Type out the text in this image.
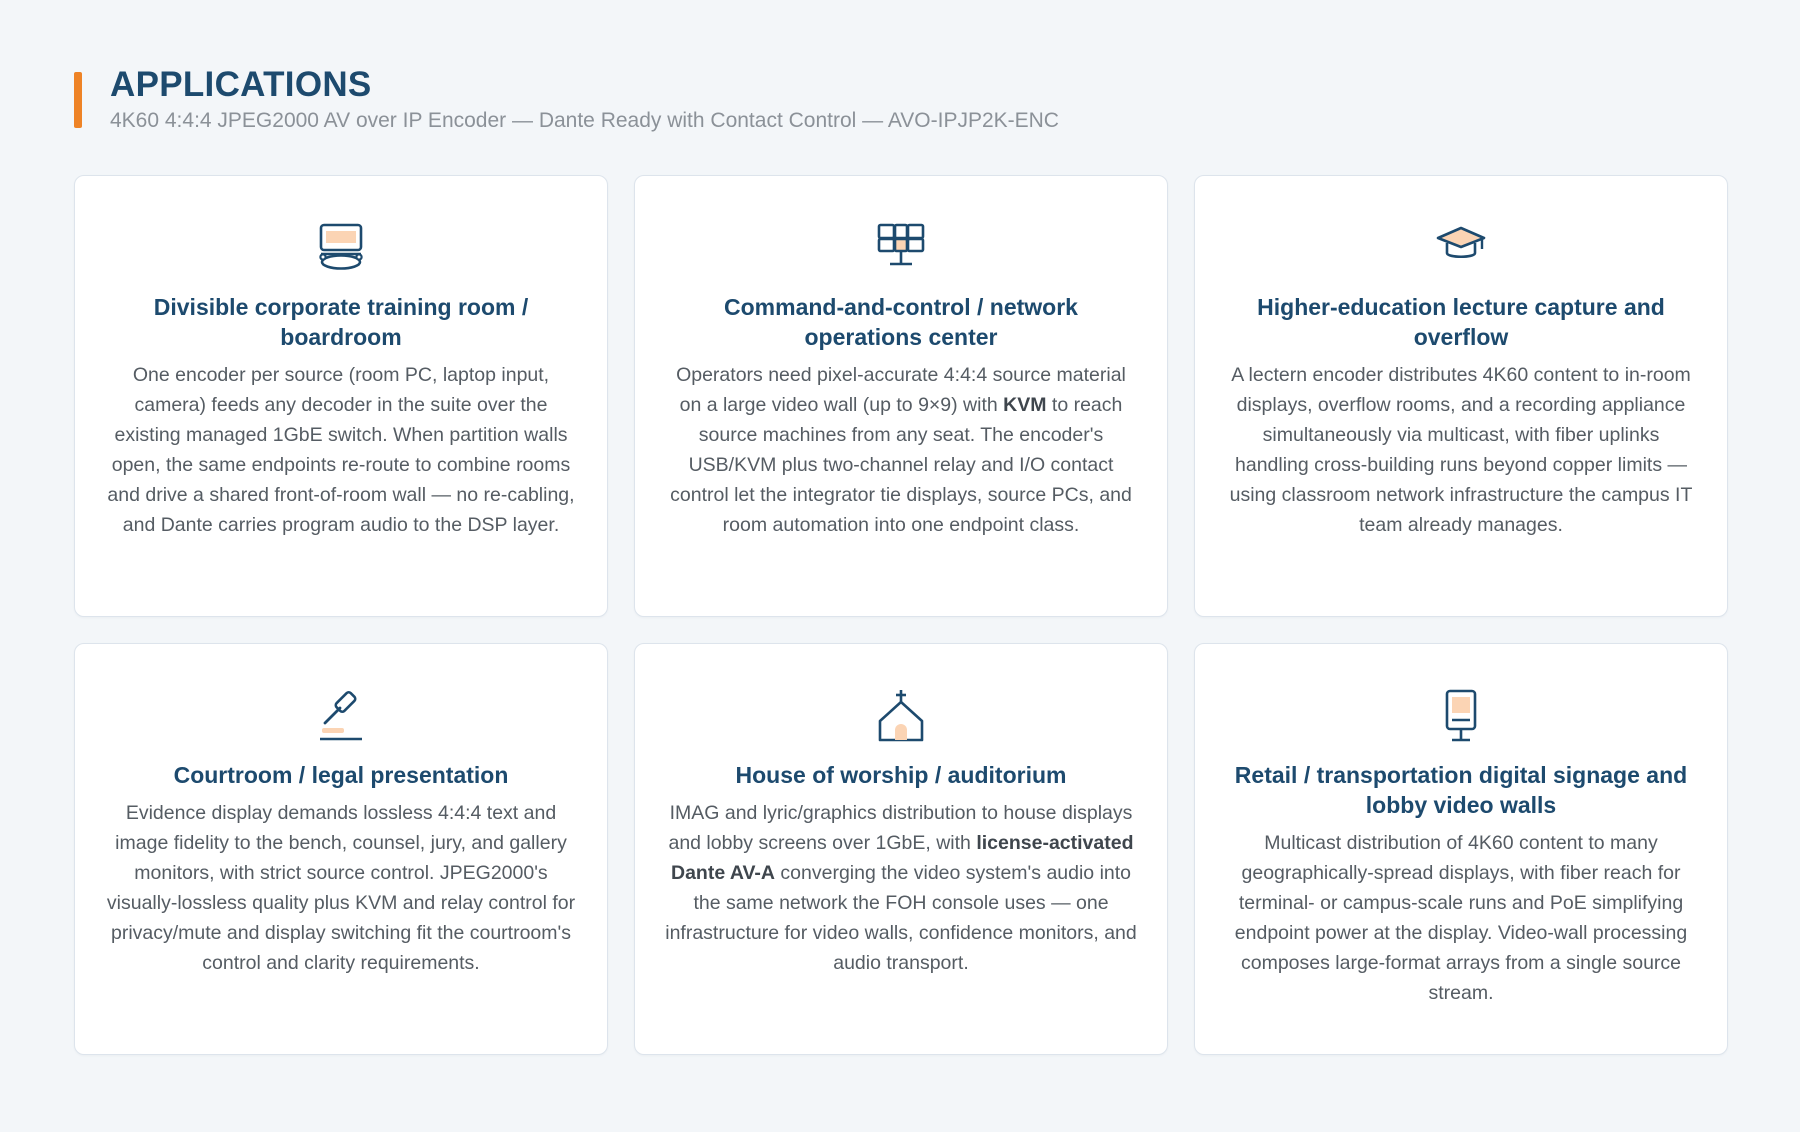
APPLICATIONS
4K60 4:4:4 JPEG2000 AV over IP Encoder — Dante Ready with Contact Control — AVO-IPJP2K-ENC
Divisible corporate training room / boardroom

One encoder per source (room PC, laptop input, camera) feeds any decoder in the suite over the existing managed 1GbE switch. When partition walls open, the same endpoints re-route to combine rooms and drive a shared front-of-room wall — no re-cabling, and Dante carries program audio to the DSP layer.

Command-and-control / network operations center

Operators need pixel-accurate 4:4:4 source material on a large video wall (up to 9×9) with KVM to reach source machines from any seat. The encoder's USB/KVM plus two-channel relay and I/O contact control let the integrator tie displays, source PCs, and room automation into one endpoint class.

Higher-education lecture capture and overflow

A lectern encoder distributes 4K60 content to in-room displays, overflow rooms, and a recording appliance simultaneously via multicast, with fiber uplinks handling cross-building runs beyond copper limits — using classroom network infrastructure the campus IT team already manages.

Courtroom / legal presentation

Evidence display demands lossless 4:4:4 text and image fidelity to the bench, counsel, jury, and gallery monitors, with strict source control. JPEG2000's visually-lossless quality plus KVM and relay control for privacy/mute and display switching fit the courtroom's control and clarity requirements.

House of worship / auditorium

IMAG and lyric/graphics distribution to house displays and lobby screens over 1GbE, with license-activated Dante AV-A converging the video system's audio into the same network the FOH console uses — one infrastructure for video walls, confidence monitors, and audio transport.

Retail / transportation digital signage and lobby video walls

Multicast distribution of 4K60 content to many geographically-spread displays, with fiber reach for terminal- or campus-scale runs and PoE simplifying endpoint power at the display. Video-wall processing composes large-format arrays from a single source stream.
